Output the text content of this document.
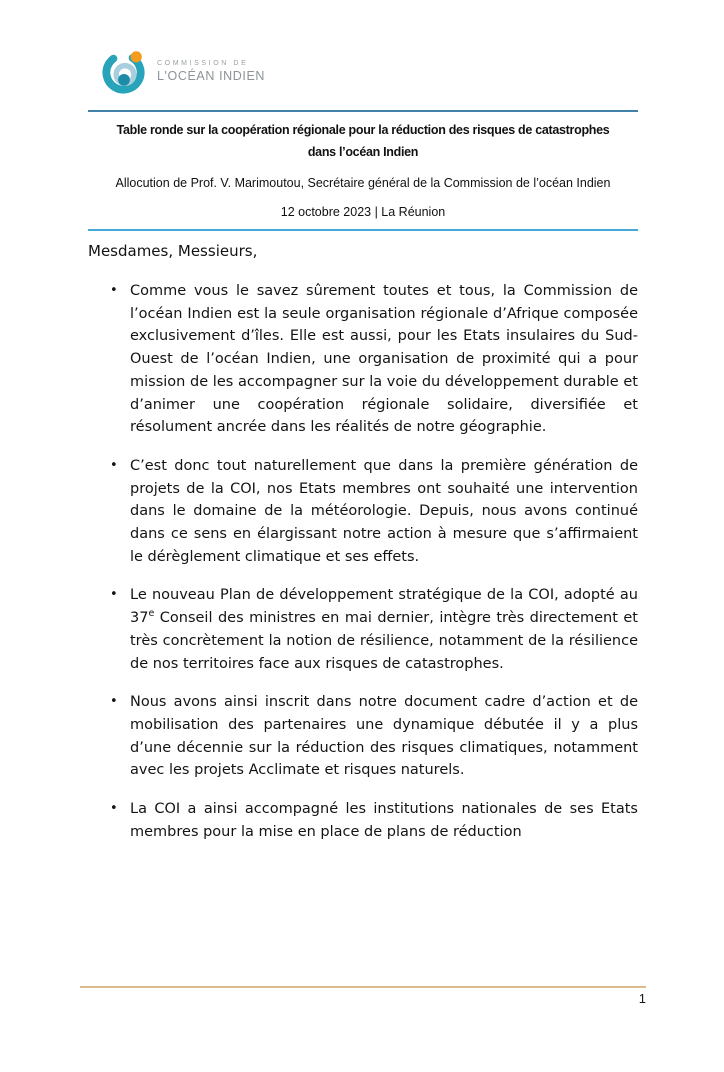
COMMISSION DE
L'OCÉAN INDIEN
Table ronde sur la coopération régionale pour la réduction des risques de catastrophes
dans l’océan Indien
Allocution de Prof. V. Marimoutou, Secrétaire général de la Commission de l’océan Indien
12 octobre 2023 | La Réunion

Mesdames, Messieurs,

• Comme vous le savez sûrement toutes et tous, la Commission de l’océan Indien est la seule organisation régionale d’Afrique composée exclusivement d’îles. Elle est aussi, pour les Etats insulaires du Sud-Ouest de l’océan Indien, une organisation de proximité qui a pour mission de les accompagner sur la voie du développement durable et d’animer une coopération régionale solidaire, diversifiée et résolument ancrée dans les réalités de notre géographie.
• C’est donc tout naturellement que dans la première génération de projets de la COI, nos Etats membres ont souhaité une intervention dans le domaine de la météorologie. Depuis, nous avons continué dans ce sens en élargissant notre action à mesure que s’affirmaient le dérèglement climatique et ses effets.
• Le nouveau Plan de développement stratégique de la COI, adopté au 37e Conseil des ministres en mai dernier, intègre très directement et très concrètement la notion de résilience, notamment de la résilience de nos territoires face aux risques de catastrophes.
• Nous avons ainsi inscrit dans notre document cadre d’action et de mobilisation des partenaires une dynamique débutée il y a plus d’une décennie sur la réduction des risques climatiques, notamment avec les projets Acclimate et risques naturels.
• La COI a ainsi accompagné les institutions nationales de ses Etats membres pour la mise en place de plans de réduction
1
